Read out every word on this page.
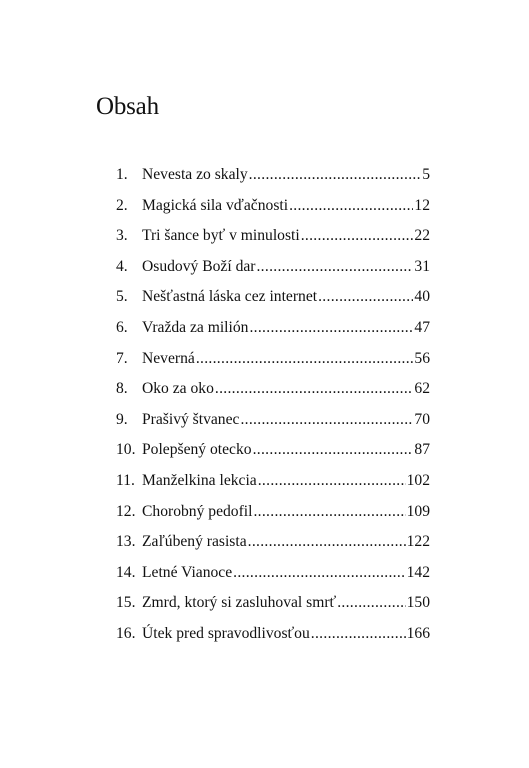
Obsah
1. Nevesta zo skaly .....	5
2. Magická sila vďačnosti .....	12
3. Tri šance byť v minulosti .....	22
4. Osudový Boží dar .....	31
5. Nešťastná láska cez internet .....	40
6. Vražda za milión .....	47
7. Neverná .....	56
8. Oko za oko .....	62
9. Prašivý štvanec .....	70
10. Polepšený otecko .....	87
11. Manželkina lekcia .....	102
12. Chorobný pedofil .....	109
13. Zaľúbený rasista .....	122
14. Letné Vianoce .....	142
15. Zmrd, ktorý si zasluhoval smrť .....	150
16. Útek pred spravodlivosťou .....	166
